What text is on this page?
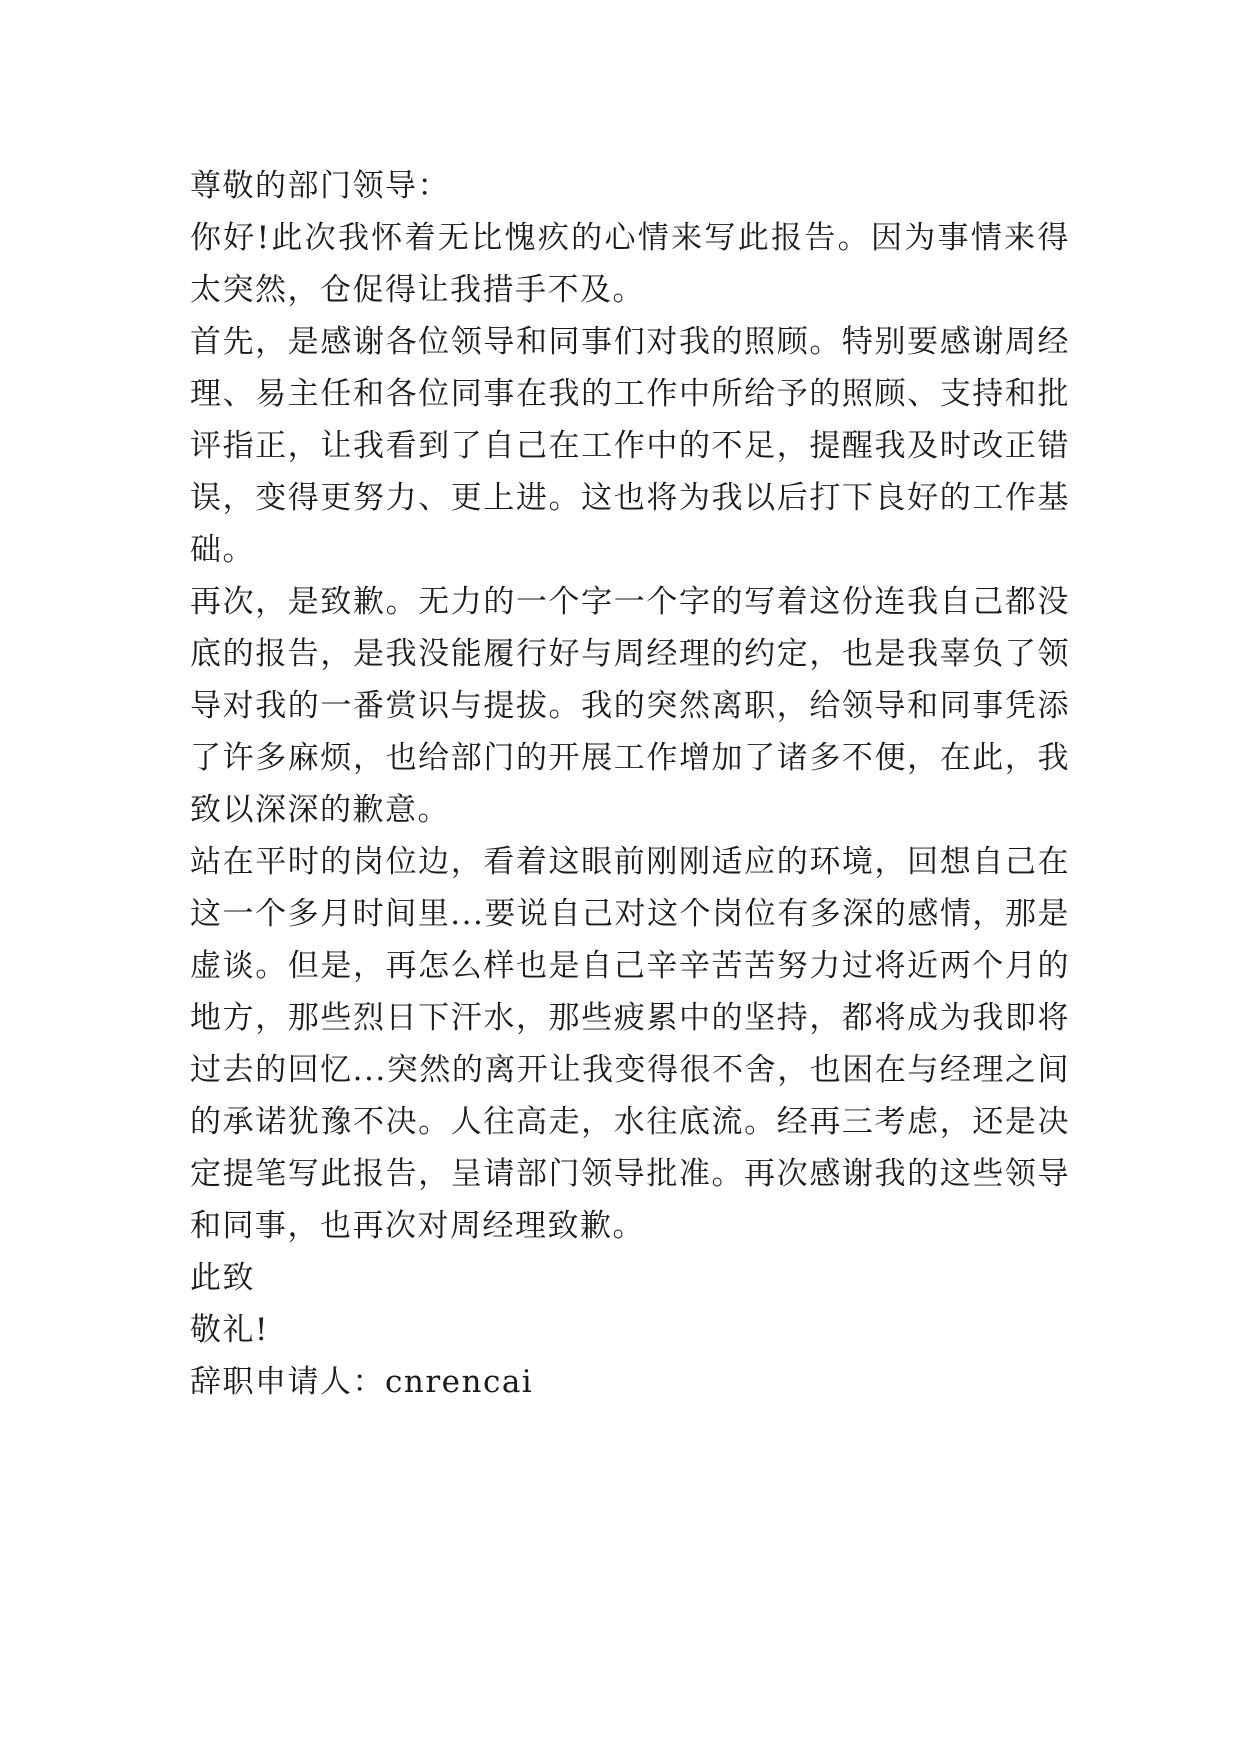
尊敬的部门领导：

你好!此次我怀着无比愧疚的心情来写此报告。因为事情来得太突然，仓促得让我措手不及。

首先，是感谢各位领导和同事们对我的照顾。特别要感谢周经理、易主任和各位同事在我的工作中所给予的照顾、支持和批评指正，让我看到了自己在工作中的不足，提醒我及时改正错误，变得更努力、更上进。这也将为我以后打下良好的工作基础。

再次，是致歉。无力的一个字一个字的写着这份连我自己都没底的报告，是我没能履行好与周经理的约定，也是我辜负了领导对我的一番赏识与提拔。我的突然离职，给领导和同事凭添了许多麻烦，也给部门的开展工作增加了诸多不便，在此，我致以深深的歉意。

站在平时的岗位边，看着这眼前刚刚适应的环境，回想自己在这一个多月时间里...要说自己对这个岗位有多深的感情，那是虚谈。但是，再怎么样也是自己辛辛苦苦努力过将近两个月的地方，那些烈日下汗水，那些疲累中的坚持，都将成为我即将过去的回忆...突然的离开让我变得很不舍，也困在与经理之间的承诺犹豫不决。人往高走，水往底流。经再三考虑，还是决定提笔写此报告，呈请部门领导批准。再次感谢我的这些领导和同事，也再次对周经理致歉。

此致

敬礼!

辞职申请人：cnrencai
